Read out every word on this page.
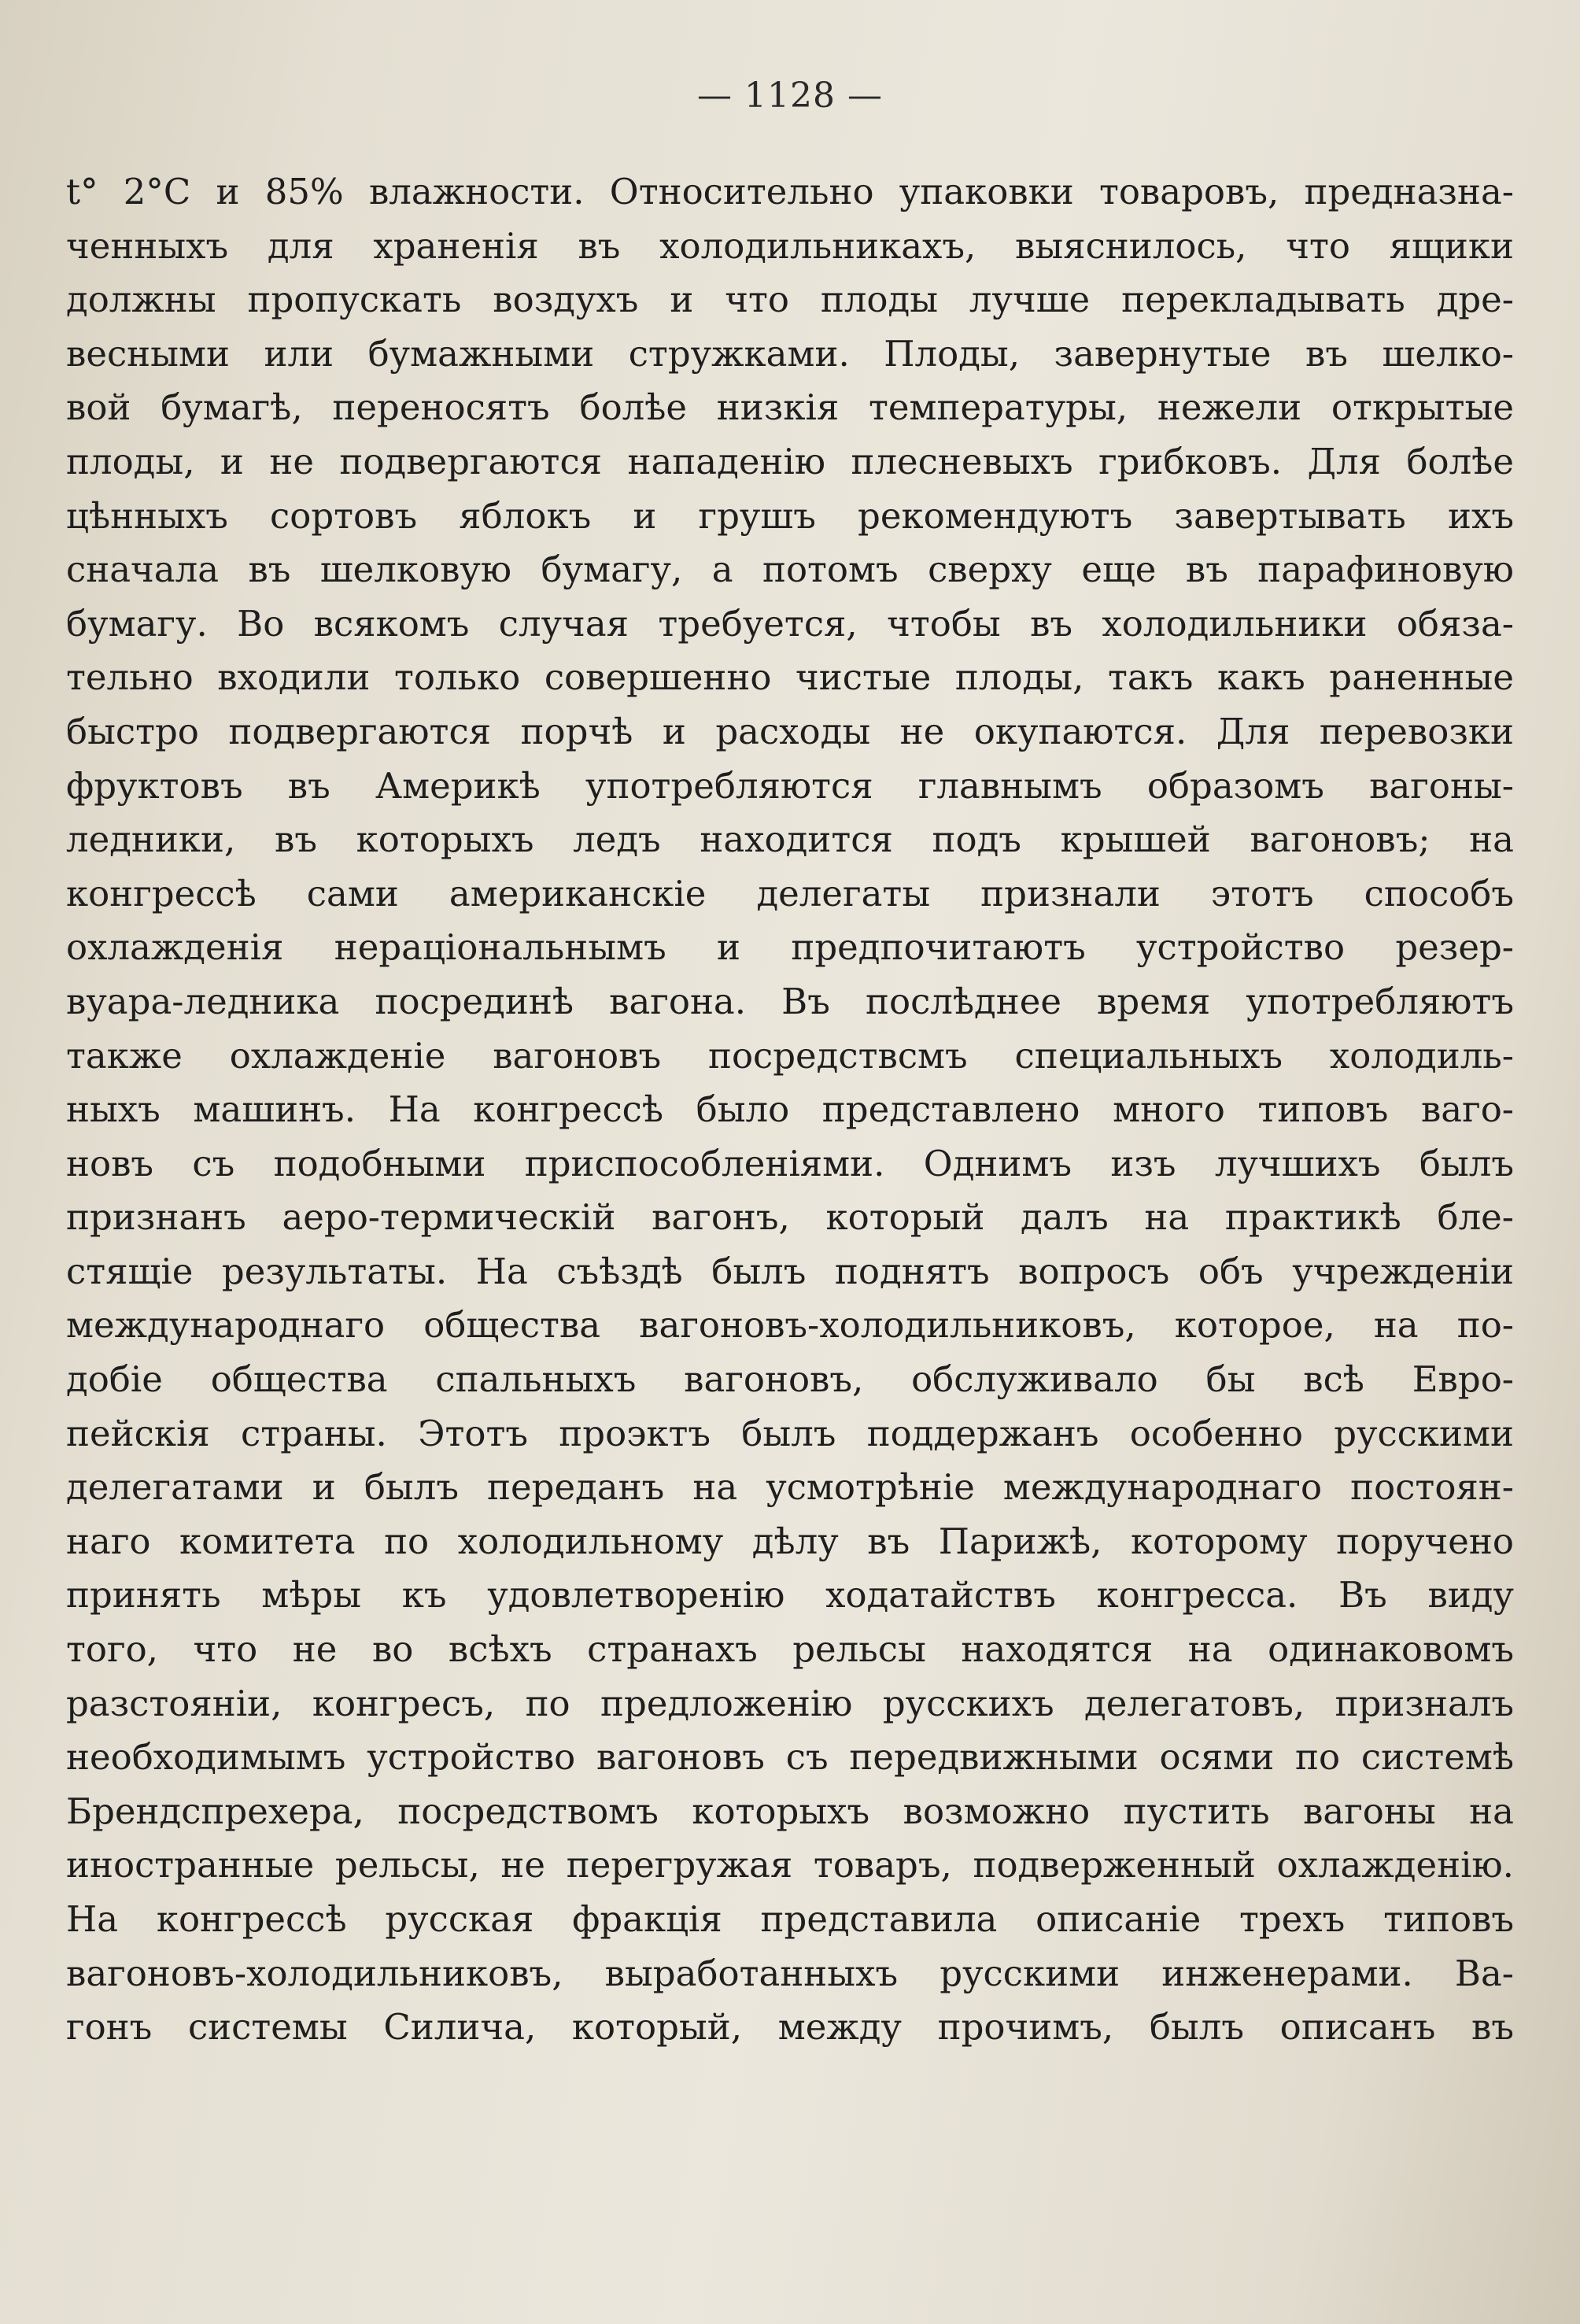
— 1128 —
t° 2°C и 85% влажности. Относительно упаковки товаровъ, предназна-
ченныхъ для храненія въ холодильникахъ, выяснилось, что ящики
должны пропускать воздухъ и что плоды лучше перекладывать дре-
весными или бумажными стружками. Плоды, завернутые въ шелко-
вой бумагѣ, переносятъ болѣе низкія температуры, нежели открытые
плоды, и не подвергаются нападенію плесневыхъ грибковъ. Для болѣе
цѣнныхъ сортовъ яблокъ и грушъ рекомендуютъ завертывать ихъ
сначала въ шелковую бумагу, а потомъ сверху еще въ парафиновую
бумагу. Во всякомъ случая требуется, чтобы въ холодильники обяза-
тельно входили только совершенно чистые плоды, такъ какъ раненные
быстро подвергаются порчѣ и расходы не окупаются. Для перевозки
фруктовъ въ Америкѣ употребляются главнымъ образомъ вагоны-
ледники, въ которыхъ ледъ находится подъ крышей вагоновъ; на
конгрессѣ сами американскіе делегаты признали этотъ способъ
охлажденія нераціональнымъ и предпочитаютъ устройство резер-
вуара-ледника посрединѣ вагона. Въ послѣднее время употребляютъ
также охлажденіе вагоновъ посредствсмъ специальныхъ холодиль-
ныхъ машинъ. На конгрессѣ было представлено много типовъ ваго-
новъ съ подобными приспособленіями. Однимъ изъ лучшихъ былъ
признанъ аеро-термическій вагонъ, который далъ на практикѣ бле-
стящіе результаты. На съѣздѣ былъ поднятъ вопросъ объ учрежденіи
международнаго общества вагоновъ-холодильниковъ, которое, на по-
добіе общества спальныхъ вагоновъ, обслуживало бы всѣ Евро-
пейскія страны. Этотъ проэктъ былъ поддержанъ особенно русскими
делегатами и былъ переданъ на усмотрѣніе международнаго постоян-
наго комитета по холодильному дѣлу въ Парижѣ, которому поручено
принять мѣры къ удовлетворенію ходатайствъ конгресса. Въ виду
того, что не во всѣхъ странахъ рельсы находятся на одинаковомъ
разстояніи, конгресъ, по предложенію русскихъ делегатовъ, призналъ
необходимымъ устройство вагоновъ съ передвижными осями по системѣ
Брендспрехера, посредствомъ которыхъ возможно пустить вагоны на
иностранные рельсы, не перегружая товаръ, подверженный охлажденію.
На конгрессѣ русская фракція представила описаніе трехъ типовъ
вагоновъ-холодильниковъ, выработанныхъ русскими инженерами. Ва-
гонъ системы Силича, который, между прочимъ, былъ описанъ въ
